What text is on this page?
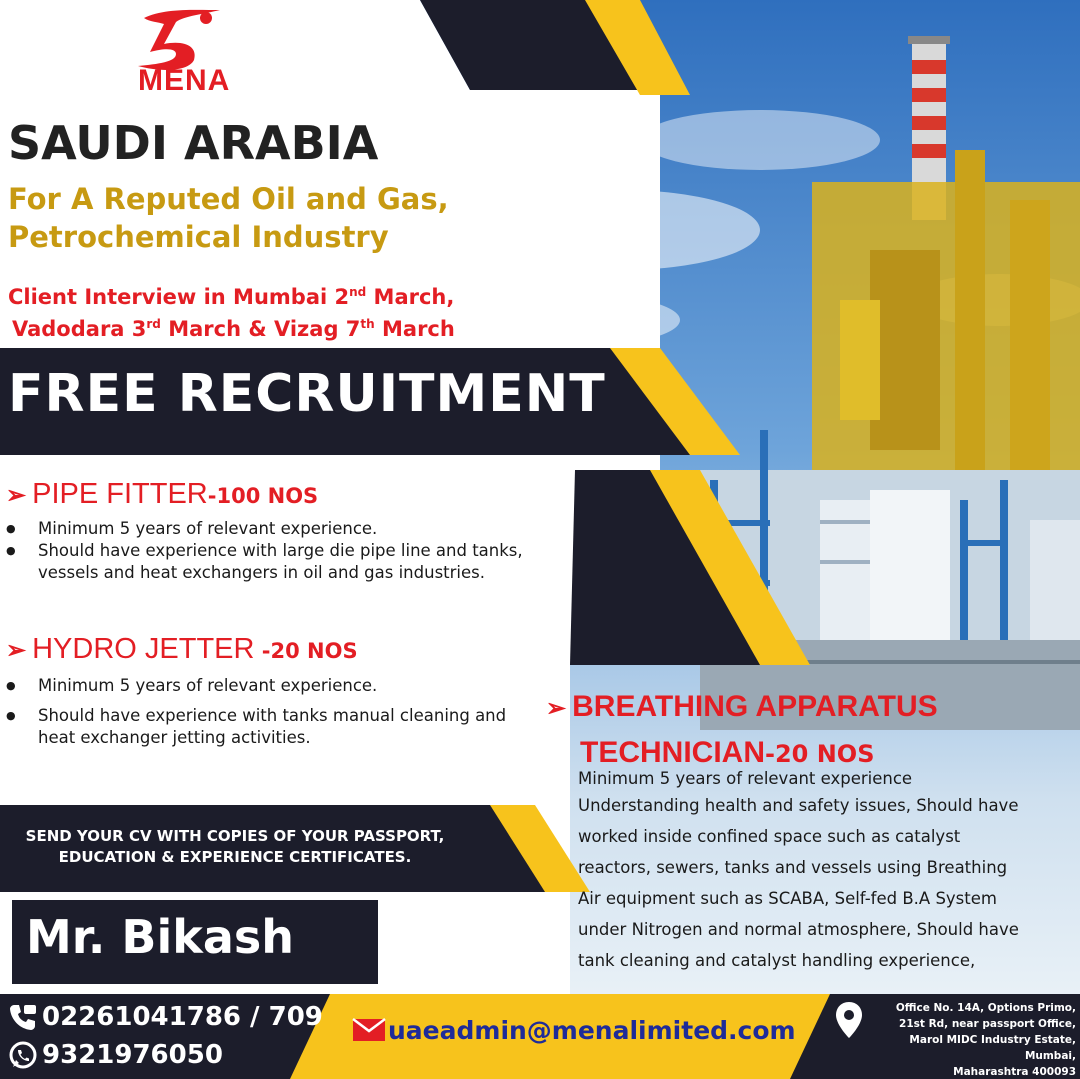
MENA
SAUDI ARABIA
For A Reputed Oil and Gas,
Petrochemical Industry
Client Interview in Mumbai 2nd March,
Vadodara 3rd March & Vizag 7th March
FREE RECRUITMENT
➢ PIPE FITTER-100 NOS
● Minimum 5 years of relevant experience.
● Should have experience with large die pipe line and tanks, vessels and heat exchangers in oil and gas industries.
➢ HYDRO JETTER -20 NOS
● Minimum 5 years of relevant experience.
● Should have experience with tanks manual cleaning and heat exchanger jetting activities.
➢ BREATHING APPARATUS
TECHNICIAN-20 NOS
Minimum 5 years of relevant experience
Understanding health and safety issues, Should have
worked inside confined space such as catalyst
reactors, sewers, tanks and vessels using Breathing
Air equipment such as SCABA, Self-fed B.A System
under Nitrogen and normal atmosphere, Should have
tank cleaning and catalyst handling experience,
SEND YOUR CV WITH COPIES OF YOUR PASSPORT,
EDUCATION & EXPERIENCE CERTIFICATES.
Mr. Bikash
02261041786 / 709
9321976050
uaeadmin@menalimited.com
Office No. 14A, Options Primo,
21st Rd, near passport Office,
Marol MIDC Industry Estate, Mumbai,
Maharashtra 400093
